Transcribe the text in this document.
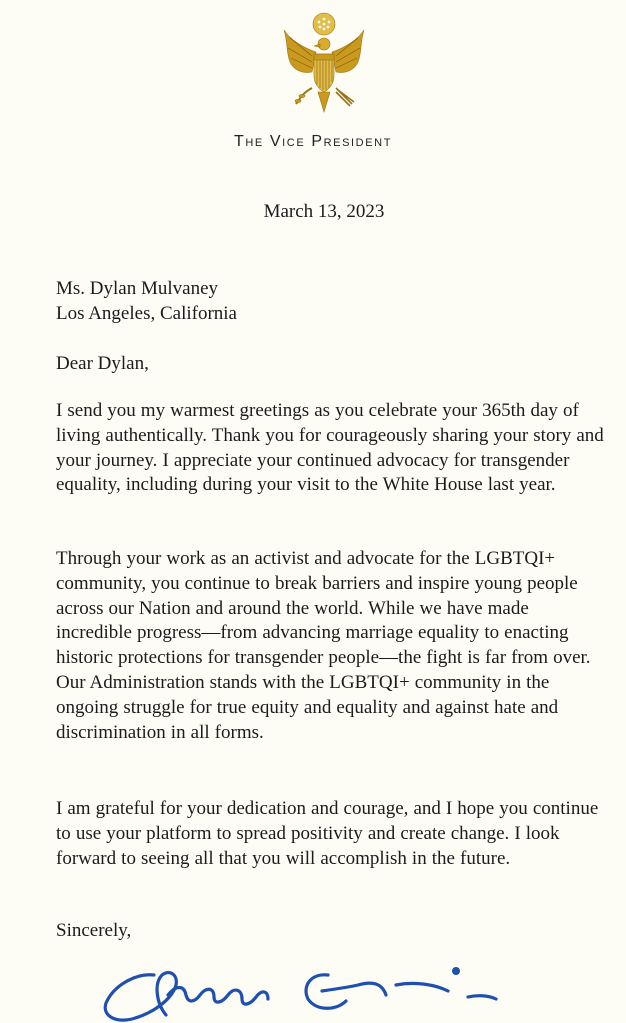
The Vice President
March 13, 2023
Ms. Dylan Mulvaney
Los Angeles, California
Dear Dylan,

I send you my warmest greetings as you celebrate your 365th day of living authentically. Thank you for courageously sharing your story and your journey. I appreciate your continued advocacy for transgender equality, including during your visit to the White House last year.

Through your work as an activist and advocate for the LGBTQI+ community, you continue to break barriers and inspire young people across our Nation and around the world. While we have made incredible progress—from advancing marriage equality to enacting historic protections for transgender people—the fight is far from over. Our Administration stands with the LGBTQI+ community in the ongoing struggle for true equity and equality and against hate and discrimination in all forms.

I am grateful for your dedication and courage, and I hope you continue to use your platform to spread positivity and create change. I look forward to seeing all that you will accomplish in the future.

Sincerely,
